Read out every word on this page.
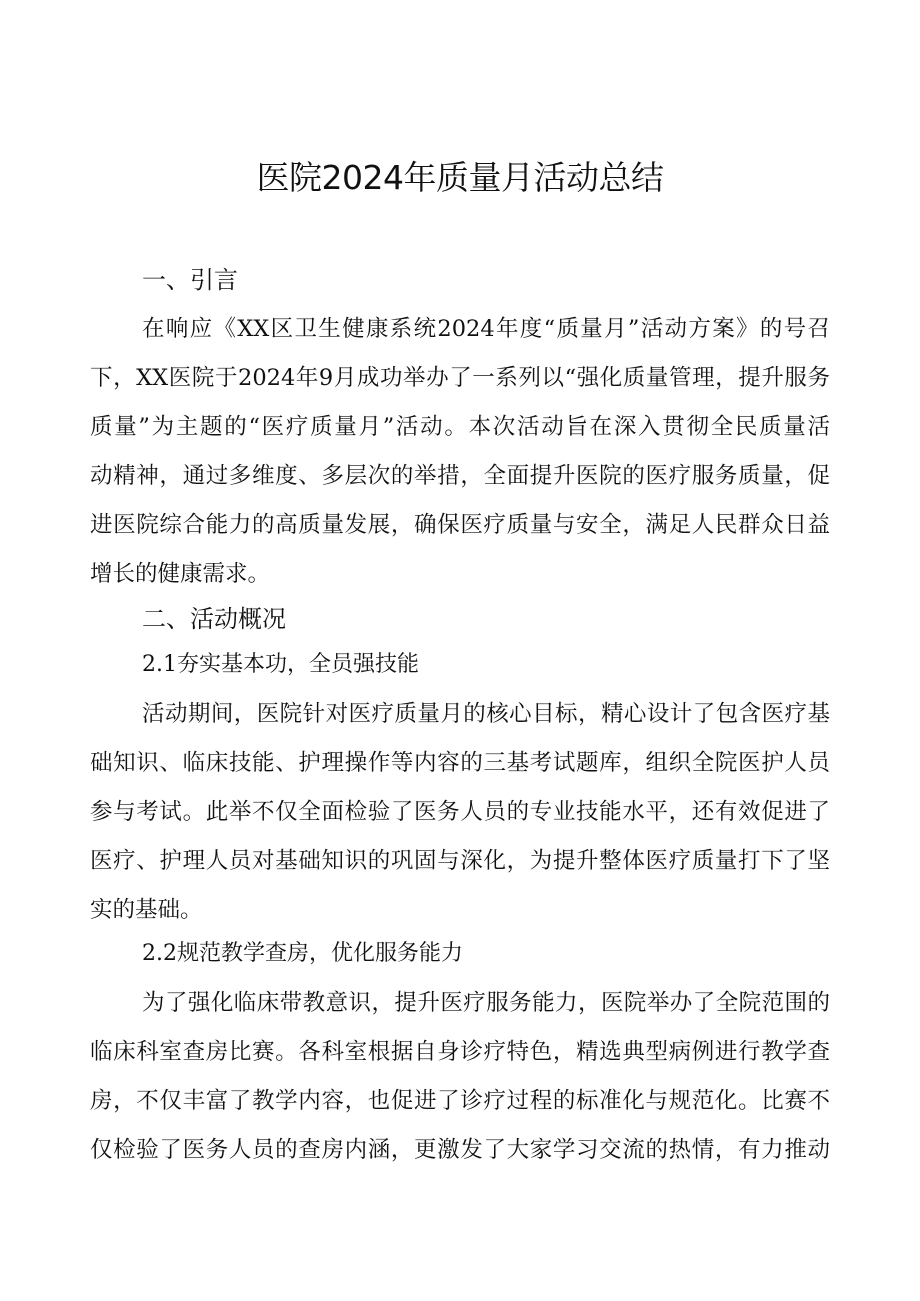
医院2024年质量月活动总结
一、引言
在响应《XX区卫生健康系统2024年度“质量月”活动方案》的号召
下，XX医院于2024年9月成功举办了一系列以“强化质量管理，提升服务
质量”为主题的“医疗质量月”活动。本次活动旨在深入贯彻全民质量活
动精神，通过多维度、多层次的举措，全面提升医院的医疗服务质量，促
进医院综合能力的高质量发展，确保医疗质量与安全，满足人民群众日益
增长的健康需求。
二、活动概况
2.1夯实基本功，全员强技能
活动期间，医院针对医疗质量月的核心目标，精心设计了包含医疗基
础知识、临床技能、护理操作等内容的三基考试题库，组织全院医护人员
参与考试。此举不仅全面检验了医务人员的专业技能水平，还有效促进了
医疗、护理人员对基础知识的巩固与深化，为提升整体医疗质量打下了坚
实的基础。
2.2规范教学查房，优化服务能力
为了强化临床带教意识，提升医疗服务能力，医院举办了全院范围的
临床科室查房比赛。各科室根据自身诊疗特色，精选典型病例进行教学查
房，不仅丰富了教学内容，也促进了诊疗过程的标准化与规范化。比赛不
仅检验了医务人员的查房内涵，更激发了大家学习交流的热情，有力推动
